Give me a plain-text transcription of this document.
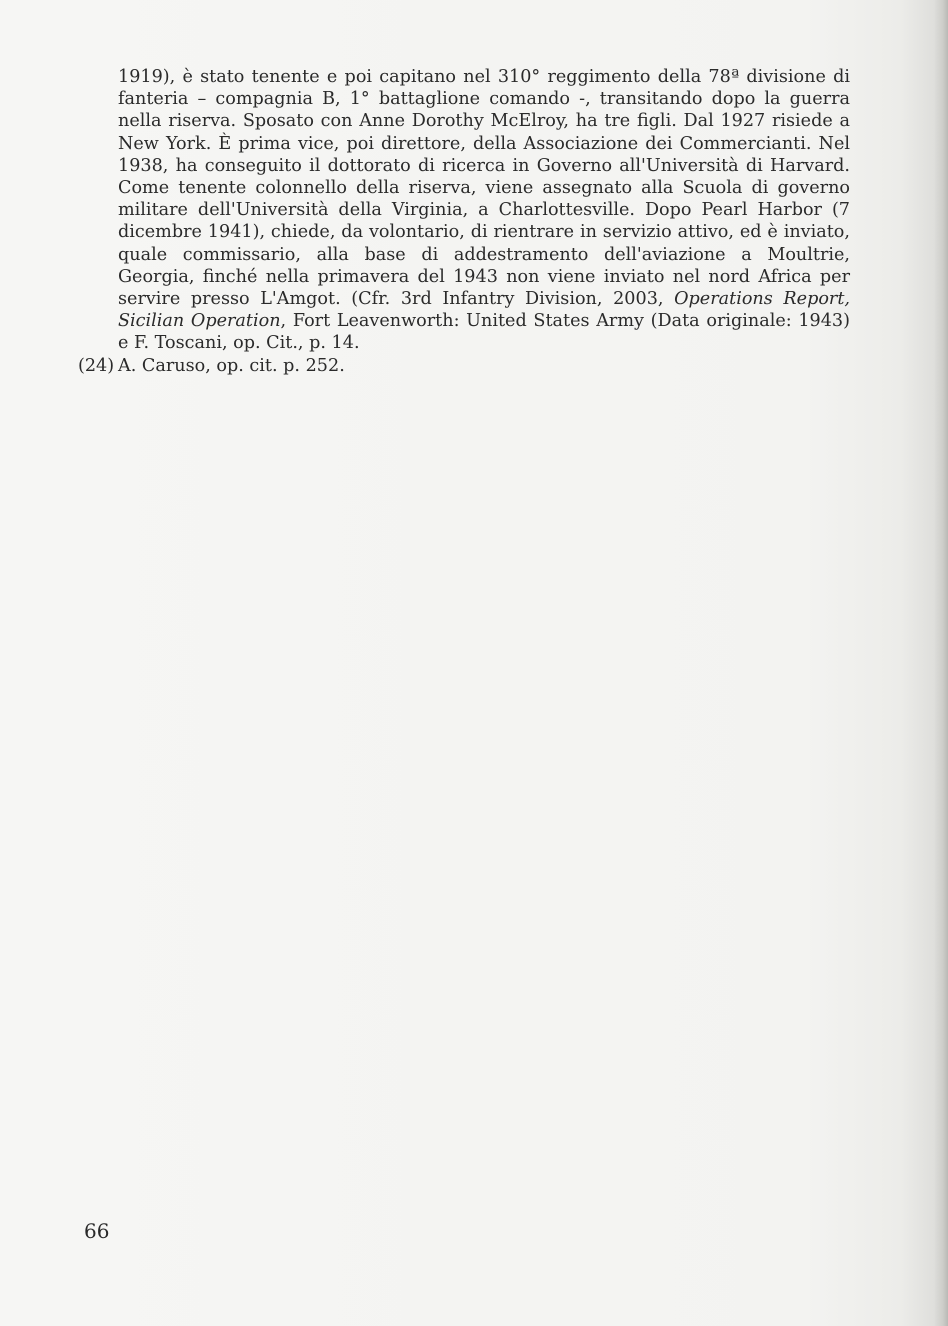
1919), è stato tenente e poi capitano nel 310° reggimento della 78ª divisione di fanteria – compagnia B, 1° battaglione comando -, transitando dopo la guerra nella riserva. Sposato con Anne Dorothy McElroy, ha tre figli. Dal 1927 risiede a New York. È prima vice, poi direttore, della Associazione dei Commercianti. Nel 1938, ha conseguito il dottorato di ricerca in Governo all'Università di Harvard. Come tenente colonnello della riserva, viene assegnato alla Scuola di governo militare dell'Università della Virginia, a Charlottesville. Dopo Pearl Harbor (7 dicembre 1941), chiede, da volontario, di rientrare in servizio attivo, ed è inviato, quale commissario, alla base di addestramento dell'aviazione a Moultrie, Georgia, finché nella primavera del 1943 non viene inviato nel nord Africa per servire presso L'Amgot. (Cfr. 3rd Infantry Division, 2003, Operations Report, Sicilian Operation, Fort Leavenworth: United States Army (Data originale: 1943) e F. Toscani, op. Cit., p. 14.

(24) A. Caruso, op. cit. p. 252.

66
